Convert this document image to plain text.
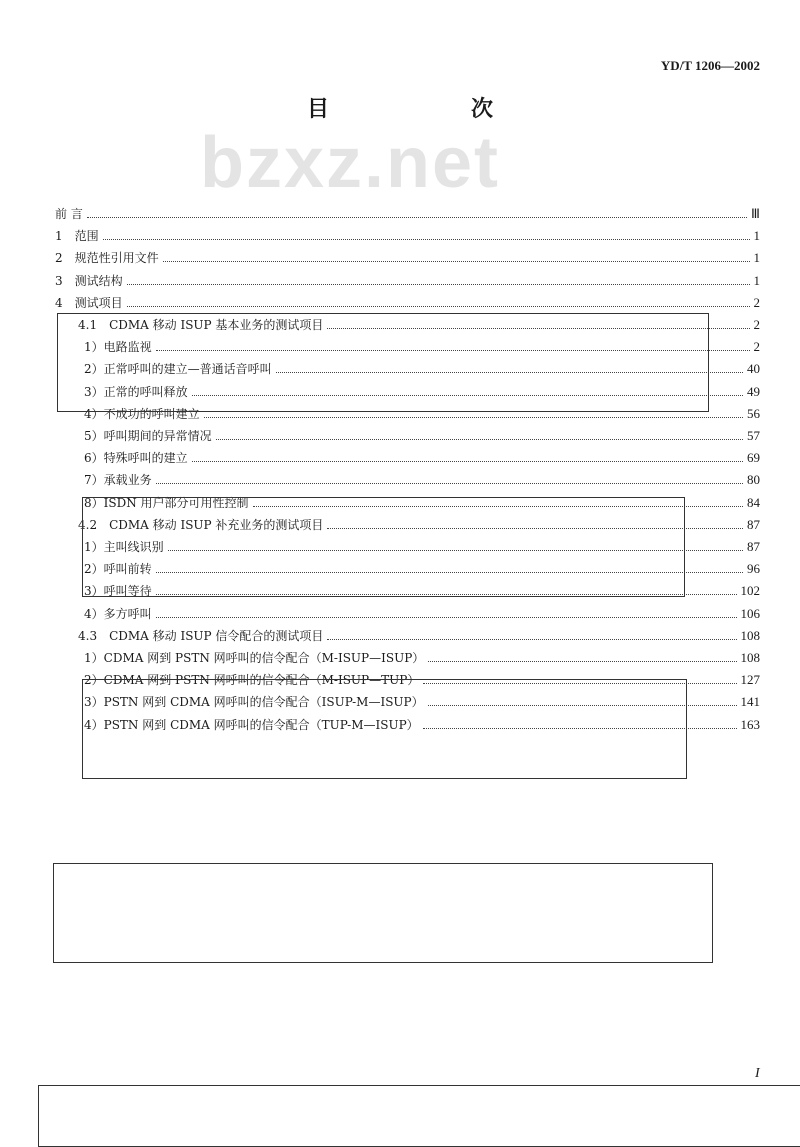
YD/T 1206—2002
目　次
bzxz.net
前 言	Ⅲ
1　范围	1
2　规范性引用文件	1
3　测试结构	1
4　测试项目	2
4.1　CDMA 移动 ISUP 基本业务的测试项目	2
1）电路监视	2
2）正常呼叫的建立—普通话音呼叫	40
3）正常的呼叫释放	49
4）不成功的呼叫建立	56
5）呼叫期间的异常情况	57
6）特殊呼叫的建立	69
7）承载业务	80
8）ISDN 用户部分可用性控制	84
4.2　CDMA 移动 ISUP 补充业务的测试项目	87
1）主叫线识别	87
2）呼叫前转	96
3）呼叫等待	102
4）多方呼叫	106
4.3　CDMA 移动 ISUP 信令配合的测试项目	108
1）CDMA 网到 PSTN 网呼叫的信令配合（M-ISUP—ISUP）	108
2）CDMA 网到 PSTN 网呼叫的信令配合（M-ISUP—TUP）	127
3）PSTN 网到 CDMA 网呼叫的信令配合（ISUP-M—ISUP）	141
4）PSTN 网到 CDMA 网呼叫的信令配合（TUP-M—ISUP）	163
I
